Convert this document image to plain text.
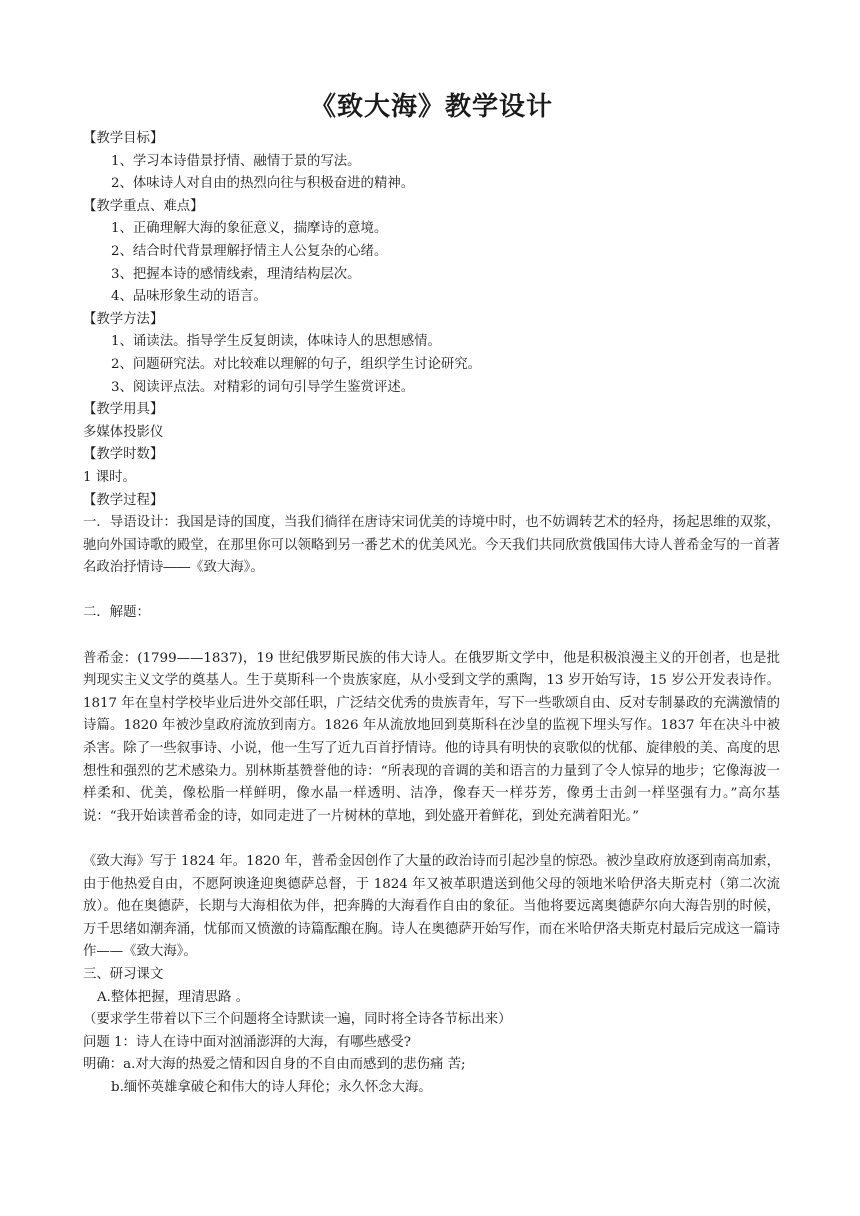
《致大海》教学设计

【教学目标】

1、学习本诗借景抒情、融情于景的写法。

2、体味诗人对自由的热烈向往与积极奋进的精神。

【教学重点、难点】

1、正确理解大海的象征意义，揣摩诗的意境。

2、结合时代背景理解抒情主人公复杂的心绪。

3、把握本诗的感情线索，理清结构层次。

4、品味形象生动的语言。

【教学方法】

1、诵读法。指导学生反复朗读，体味诗人的思想感情。

2、问题研究法。对比较难以理解的句子，组织学生讨论研究。

3、阅读评点法。对精彩的词句引导学生鉴赏评述。

【教学用具】

多媒体投影仪

【教学时数】

1 课时。

【教学过程】

一．导语设计：我国是诗的国度，当我们徜徉在唐诗宋词优美的诗境中时，也不妨调转艺术的轻舟，扬起思维的双浆，驰向外国诗歌的殿堂，在那里你可以领略到另一番艺术的优美风光。今天我们共同欣赏俄国伟大诗人普希金写的一首著名政治抒情诗――《致大海》。

二．解题：

普希金：(1799——1837)，19 世纪俄罗斯民族的伟大诗人。在俄罗斯文学中，他是积极浪漫主义的开创者，也是批判现实主义文学的奠基人。生于莫斯科一个贵族家庭，从小受到文学的熏陶，13 岁开始写诗，15 岁公开发表诗作。1817 年在皇村学校毕业后进外交部任职，广泛结交优秀的贵族青年，写下一些歌颂自由、反对专制暴政的充满激情的诗篇。1820 年被沙皇政府流放到南方。1826 年从流放地回到莫斯科在沙皇的监视下埋头写作。1837 年在决斗中被杀害。除了一些叙事诗、小说，他一生写了近九百首抒情诗。他的诗具有明快的哀歌似的忧郁、旋律般的美、高度的思想性和强烈的艺术感染力。别林斯基赞誉他的诗：“所表现的音调的美和语言的力量到了令人惊异的地步；它像海波一样柔和、优美，像松脂一样鲜明，像水晶一样透明、洁净，像春天一样芬芳，像勇士击剑一样坚强有力。”高尔基说：“我开始读普希金的诗，如同走进了一片树林的草地，到处盛开着鲜花，到处充满着阳光。”

《致大海》写于 1824 年。1820 年，普希金因创作了大量的政治诗而引起沙皇的惊恐。被沙皇政府放逐到南高加索，由于他热爱自由，不愿阿谀逢迎奥德萨总督，于 1824 年又被革职遣送到他父母的领地米哈伊洛夫斯克村（第二次流放）。他在奥德萨，长期与大海相依为伴，把奔腾的大海看作自由的象征。当他将要远离奥德萨尔向大海告别的时候，万千思绪如潮奔涌，忧郁而又愤激的诗篇酝酿在胸。诗人在奥德萨开始写作，而在米哈伊洛夫斯克村最后完成这一篇诗作——《致大海》。

三、研习课文

A.整体把握，理清思路 。

（要求学生带着以下三个问题将全诗默读一遍，同时将全诗各节标出来）

问题 1：诗人在诗中面对汹涌澎湃的大海，有哪些感受?

明确：a.对大海的热爱之情和因自身的不自由而感到的悲伤痛 苦;

b.缅怀英雄拿破仑和伟大的诗人拜伦；永久怀念大海。
